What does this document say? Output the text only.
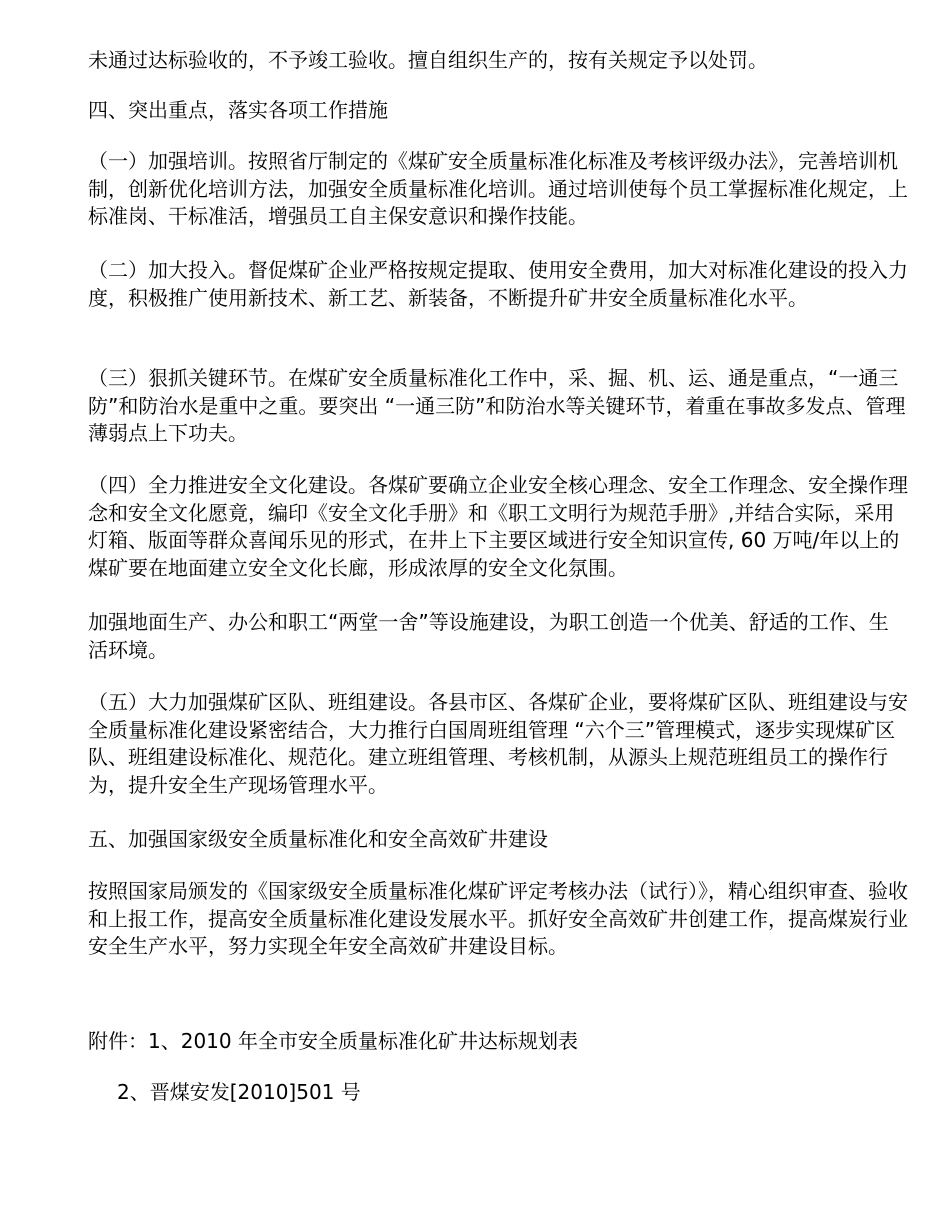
未通过达标验收的，不予竣工验收。擅自组织生产的，按有关规定予以处罚。

四、突出重点，落实各项工作措施

（一）加强培训。按照省厅制定的《煤矿安全质量标准化标准及考核评级办法》，完善培训机制，创新优化培训方法，加强安全质量标准化培训。通过培训使每个员工掌握标准化规定，上标准岗、干标准活，增强员工自主保安意识和操作技能。

（二）加大投入。督促煤矿企业严格按规定提取、使用安全费用，加大对标准化建设的投入力度，积极推广使用新技术、新工艺、新装备，不断提升矿井安全质量标准化水平。

（三）狠抓关键环节。在煤矿安全质量标准化工作中，采、掘、机、运、通是重点，“一通三防”和防治水是重中之重。要突出 “一通三防”和防治水等关键环节，着重在事故多发点、管理薄弱点上下功夫。

（四）全力推进安全文化建设。各煤矿要确立企业安全核心理念、安全工作理念、安全操作理念和安全文化愿竟，编印《安全文化手册》和《职工文明行为规范手册》,并结合实际，采用灯箱、版面等群众喜闻乐见的形式，在井上下主要区域进行安全知识宣传, 60 万吨/年以上的煤矿要在地面建立安全文化长廊，形成浓厚的安全文化氛围。

加强地面生产、办公和职工“两堂一舍”等设施建设，为职工创造一个优美、舒适的工作、生活环境。

（五）大力加强煤矿区队、班组建设。各县市区、各煤矿企业，要将煤矿区队、班组建设与安全质量标准化建设紧密结合，大力推行白国周班组管理 “六个三”管理模式，逐步实现煤矿区队、班组建设标准化、规范化。建立班组管理、考核机制，从源头上规范班组员工的操作行为，提升安全生产现场管理水平。

五、加强国家级安全质量标准化和安全高效矿井建设

按照国家局颁发的《国家级安全质量标准化煤矿评定考核办法（试行）》，精心组织审查、验收和上报工作，提高安全质量标准化建设发展水平。抓好安全高效矿井创建工作，提高煤炭行业安全生产水平，努力实现全年安全高效矿井建设目标。

附件：1、2010 年全市安全质量标准化矿井达标规划表

2、晋煤安发[2010]501 号
